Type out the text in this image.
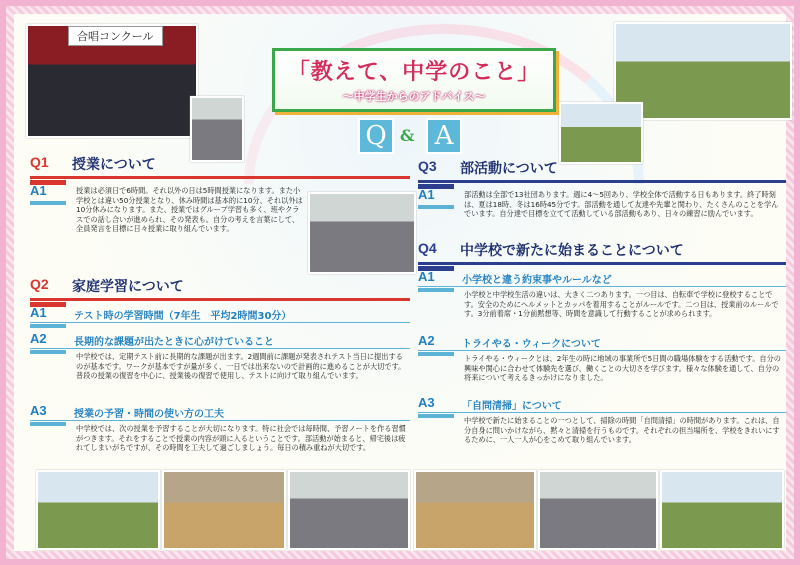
合唱コンクール
「教えて、中学のこと」
〜中学生からのアドバイス〜
Q & A
Q1 授業について
A1	授業は必須日で6時間。それ以外の日は5時間授業になります。また小学校とは違い50分授業となり、休み時間は基本的に10分、それ以外は10分休みになります。また、授業ではグループ学習も多く、班やクラスでの話し合いが進められ、その発表も。自分の考えを言葉にして、全員発言を目標に日々授業に取り組んでいます。
Q2 家庭学習について
A1	テスト時の学習時間（7年生　平均2時間30分）
A2	長期的な課題が出たときに心がけていること
中学校では、定期テスト前に長期的な課題が出ます。2週間前に課題が発表されテスト当日に提出するのが基本です。ワークが基本ですが量が多く、一日では出来ないので計画的に進めることが大切です。普段の授業の復習を中心に、授業後の復習で使用し、テストに向けて取り組んでいます。
A3	授業の予習・時間の使い方の工夫
中学校では、次の授業を予習することが大切になります。特に社会では毎時間、予習ノートを作る習慣がつきます。それをすることで授業の内容が頭に入るということです。部活動が始まると、帰宅後は疲れてしまいがちですが、その時間を工夫して過ごしましょう。毎日の積み重ねが大切です。
Q3 部活動について
A1	部活動は全部で13社団あります。週に4〜5回あり、学校全体で活動する日もあります。終了時刻は、夏は18時、冬は16時45分です。部活動を通して友達や先輩と関わり、たくさんのことを学んでいます。自分達で目標を立てて活動している部活動もあり、日々の練習に励んでいます。
Q4 中学校で新たに始まることについて
A1	小学校と違う約束事やルールなど
小学校と中学校生活の違いは、大きく二つあります。一つ目は、自転車で学校に登校することです。安全のためにヘルメットとカッパを着用することがルールです。二つ目は、授業前のルールです。3分前着席・1分前黙想等、時間を意識して行動することが求められます。
A2	トライやる・ウィークについて
トライやる・ウィークとは、2年生の時に地域の事業所で5日間の職場体験をする活動です。自分の興味や関心に合わせて体験先を選び、働くことの大切さを学びます。様々な体験を通して、自分の将来について考えるきっかけになりました。
A3	「自問清掃」について
中学校で新たに始まることの一つとして、掃除の時間「自問清掃」の時間があります。これは、自分自身に問いかけながら、黙々と清掃を行うものです。それぞれの担当場所を、学校をきれいにするために、一人一人が心をこめて取り組んでいます。
